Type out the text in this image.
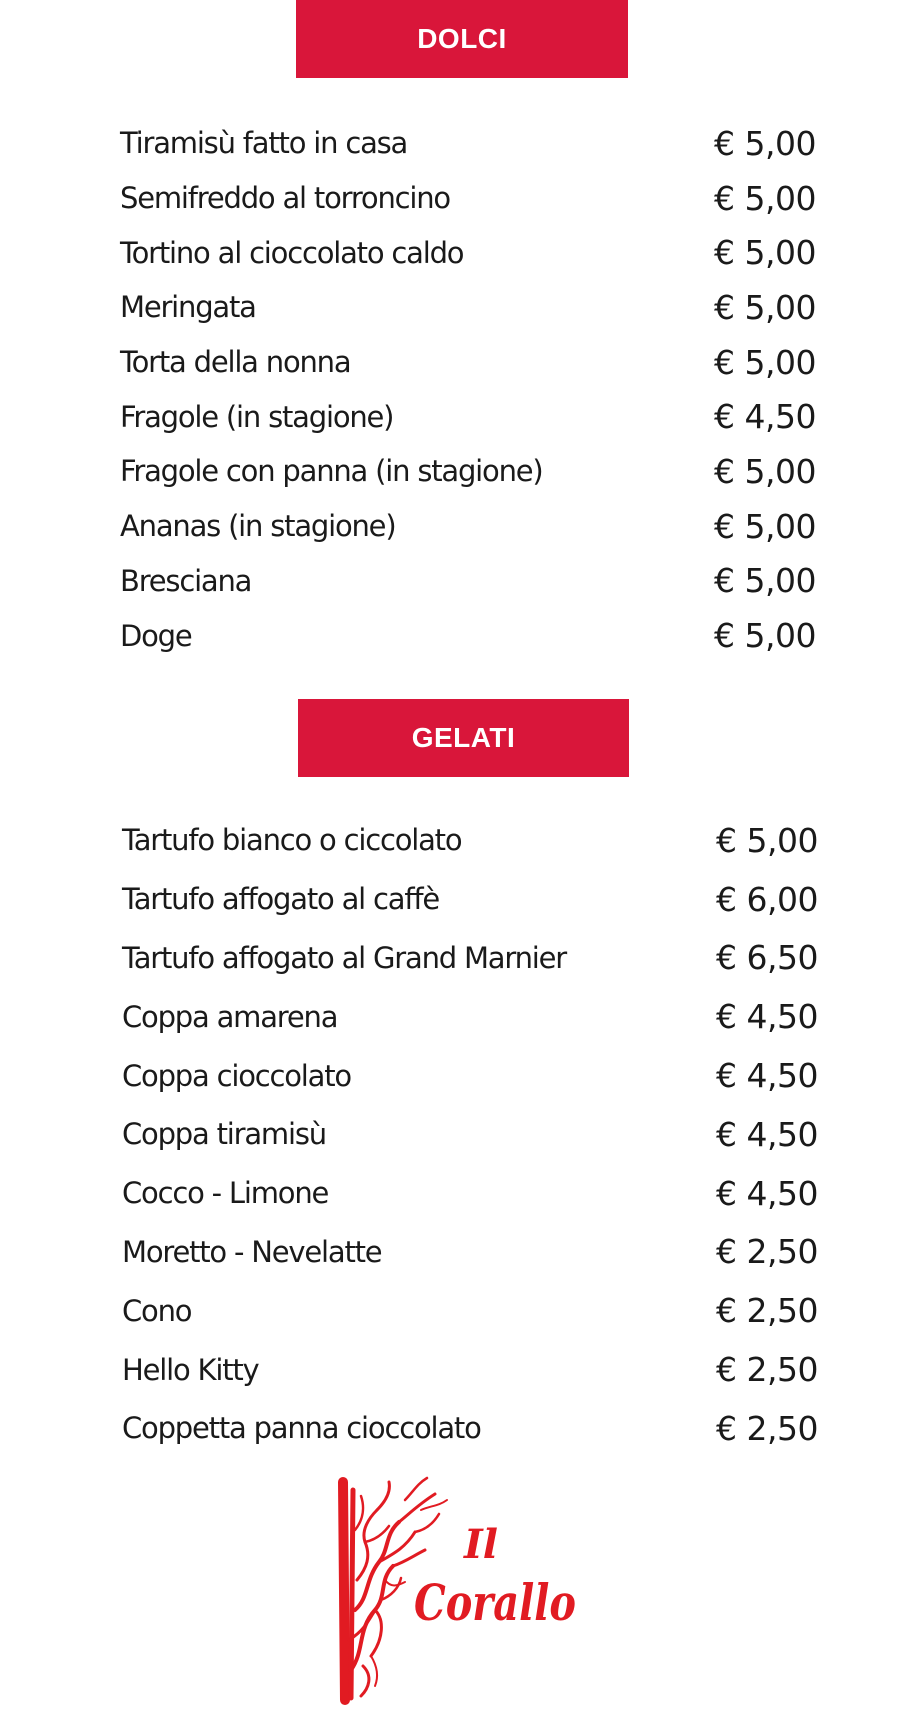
DOLCI
Tiramisù fatto in casa	€ 5,00
Semifreddo al torroncino	€ 5,00
Tortino al cioccolato caldo	€ 5,00
Meringata	€ 5,00
Torta della nonna	€ 5,00
Fragole (in stagione)	€ 4,50
Fragole con panna (in stagione)	€ 5,00
Ananas (in stagione)	€ 5,00
Bresciana	€ 5,00
Doge	€ 5,00
GELATI
Tartufo bianco o ciccolato	€ 5,00
Tartufo affogato al caffè	€ 6,00
Tartufo affogato al Grand Marnier	€ 6,50
Coppa amarena	€ 4,50
Coppa cioccolato	€ 4,50
Coppa tiramisù	€ 4,50
Cocco - Limone	€ 4,50
Moretto - Nevelatte	€ 2,50
Cono	€ 2,50
Hello Kitty	€ 2,50
Coppetta panna cioccolato	€ 2,50
Il
Corallo
